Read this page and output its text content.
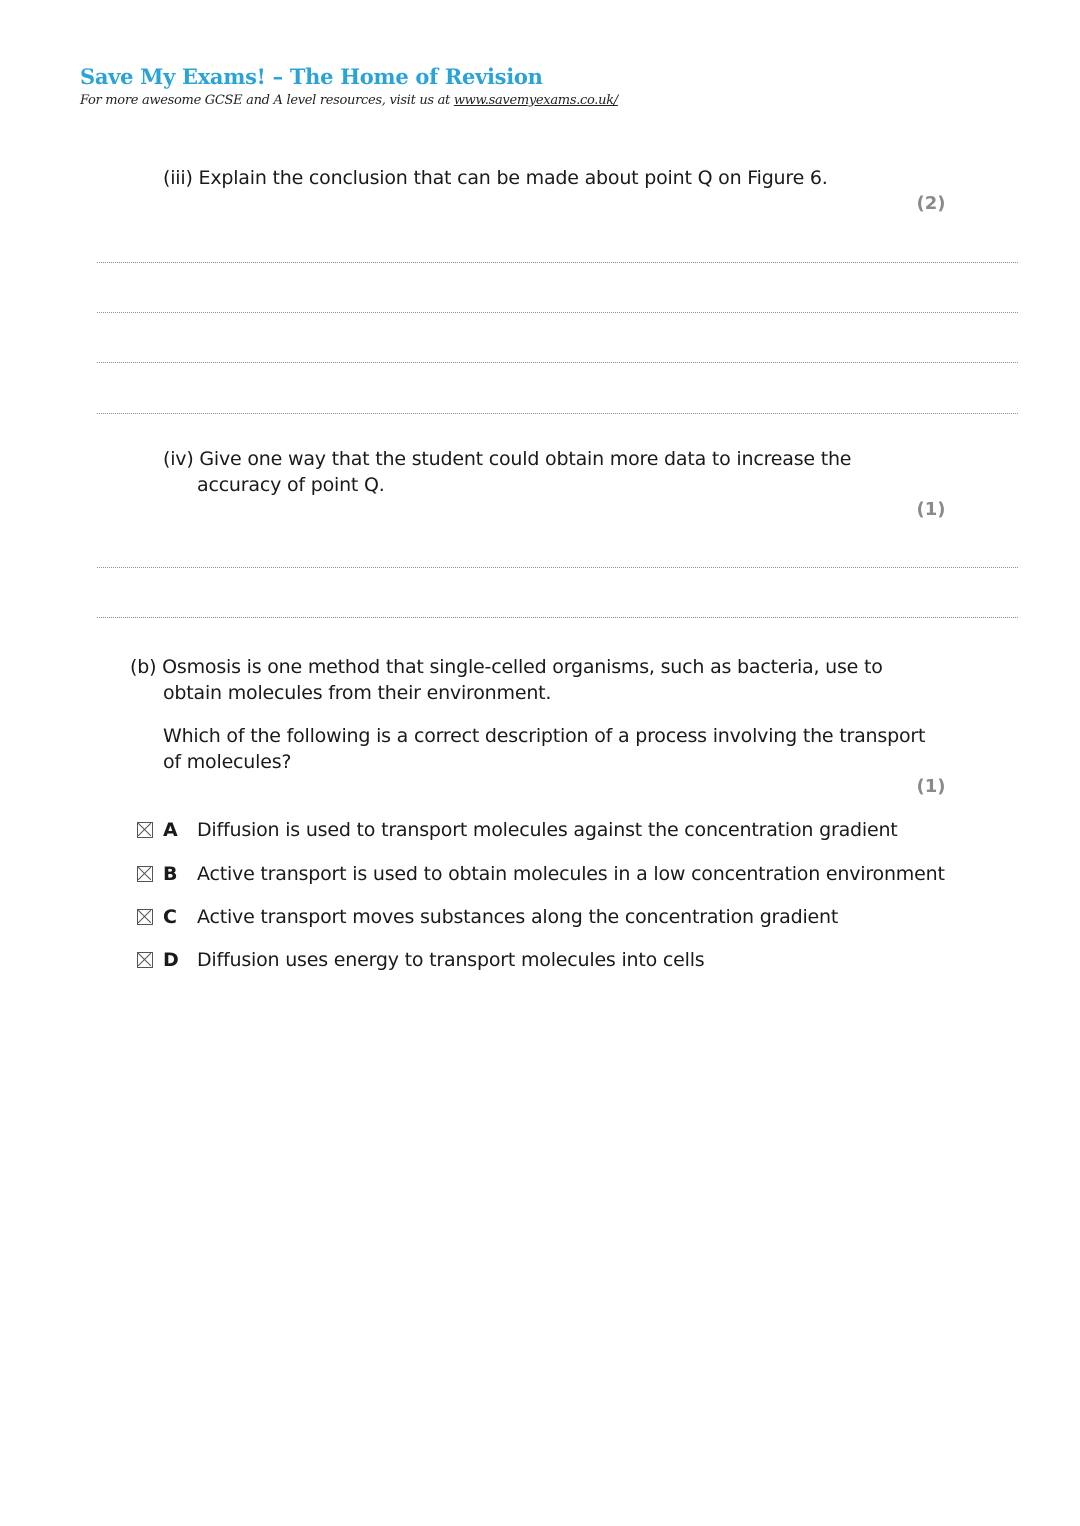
Save My Exams! – The Home of Revision
For more awesome GCSE and A level resources, visit us at www.savemyexams.co.uk/
(iii) Explain the conclusion that can be made about point Q on Figure 6.
(2)
(iv) Give one way that the student could obtain more data to increase the
accuracy of point Q.
(1)
(b) Osmosis is one method that single-celled organisms, such as bacteria, use to
obtain molecules from their environment.
Which of the following is a correct description of a process involving the transport
of molecules?
(1)
A	Diffusion is used to transport molecules against the concentration gradient
B	Active transport is used to obtain molecules in a low concentration environment
C	Active transport moves substances along the concentration gradient
D Diffusion uses energy to transport molecules into cells
